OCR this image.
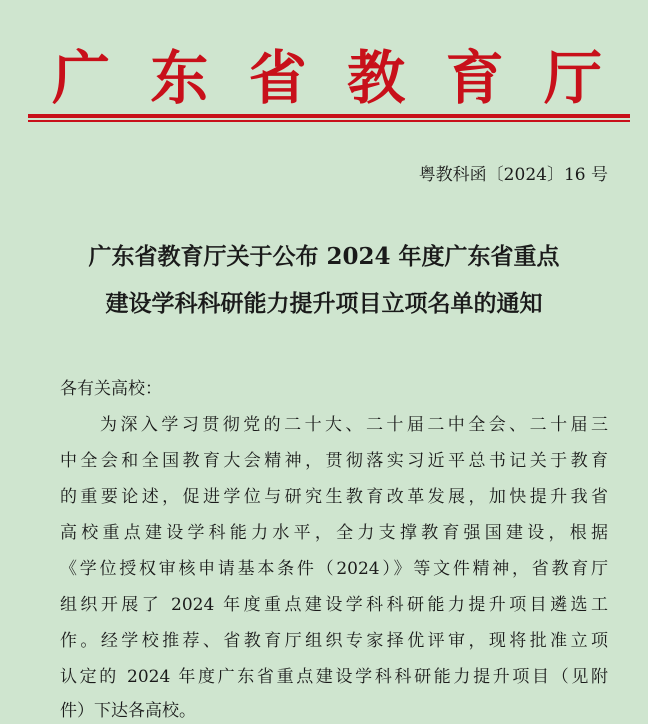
广 东 省 教 育 厅
粤教科函〔2024〕16 号
广东省教育厅关于公布 2024 年度广东省重点
建设学科科研能力提升项目立项名单的通知
各有关高校：
为深入学习贯彻党的二十大、二十届二中全会、二十届三
中全会和全国教育大会精神，贯彻落实习近平总书记关于教育
的重要论述，促进学位与研究生教育改革发展，加快提升我省
高校重点建设学科能力水平，全力支撑教育强国建设，根据
《学位授权审核申请基本条件（2024）》等文件精神，省教育厅
组织开展了 2024 年度重点建设学科科研能力提升项目遴选工
作。经学校推荐、省教育厅组织专家择优评审，现将批准立项
认定的 2024 年度广东省重点建设学科科研能力提升项目（见附
件）下达各高校。
